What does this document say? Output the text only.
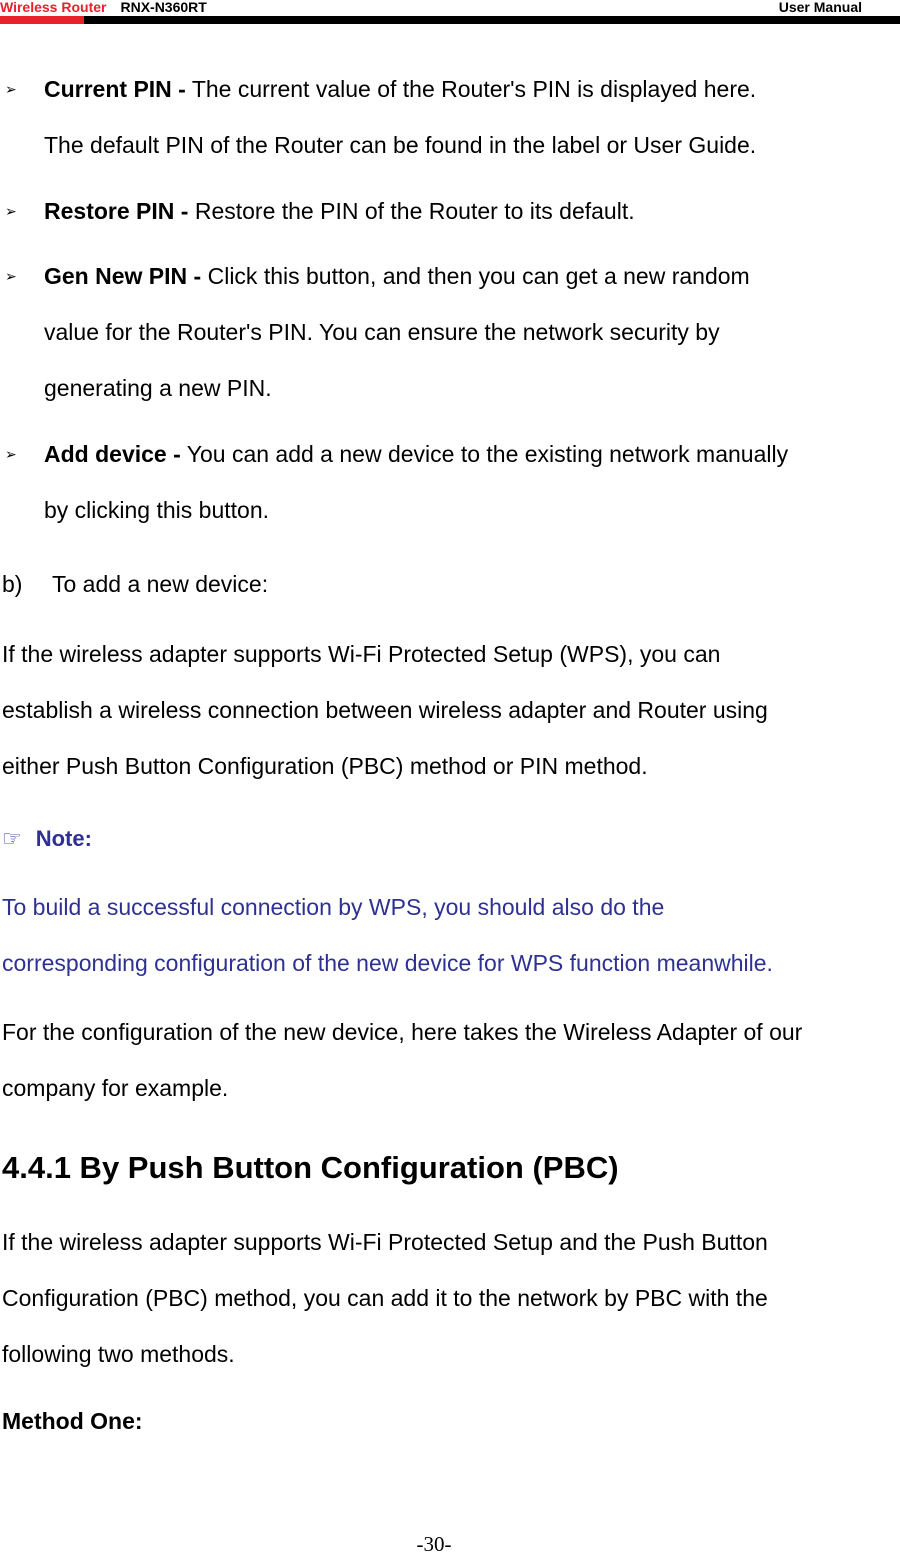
Wireless Router RNX-N360RT	User Manual
➢ Current PIN - The current value of the Router's PIN is displayed here.
The default PIN of the Router can be found in the label or User Guide.
➢ Restore PIN - Restore the PIN of the Router to its default.
➢ Gen New PIN - Click this button, and then you can get a new random
value for the Router's PIN. You can ensure the network security by
generating a new PIN.
➢ Add device - You can add a new device to the existing network manually
by clicking this button.
b) To add a new device:
If the wireless adapter supports Wi-Fi Protected Setup (WPS), you can
establish a wireless connection between wireless adapter and Router using
either Push Button Configuration (PBC) method or PIN method.
☞ Note:
To build a successful connection by WPS, you should also do the
corresponding configuration of the new device for WPS function meanwhile.
For the configuration of the new device, here takes the Wireless Adapter of our
company for example.
4.4.1 By Push Button Configuration (PBC)
If the wireless adapter supports Wi-Fi Protected Setup and the Push Button
Configuration (PBC) method, you can add it to the network by PBC with the
following two methods.
Method One:
-30-
